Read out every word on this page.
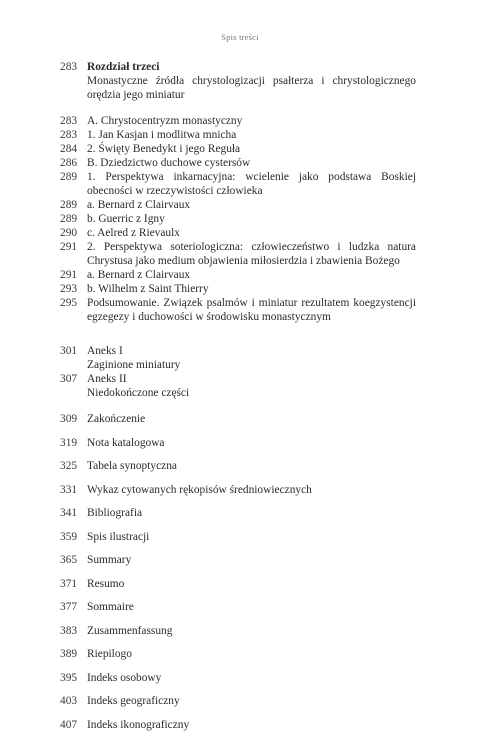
Spis treści
283 Rozdział trzeci
Monastyczne źródła chrystologizacji psałterza i chrystologicznego orędzia jego miniatur
283 A. Chrystocentryzm monastyczny
283 1. Jan Kasjan i modlitwa mnicha
284 2. Święty Benedykt i jego Reguła
286 B. Dziedzictwo duchowe cystersów
289 1. Perspektywa inkarnacyjna: wcielenie jako podstawa Boskiej obecności w rzeczywistości człowieka
289 a. Bernard z Clairvaux
289 b. Guerric z Igny
290 c. Aelred z Rievaulx
291 2. Perspektywa soteriologiczna: człowieczeństwo i ludzka natura Chrystusa jako medium objawienia miłosierdzia i zbawienia Bożego
291 a. Bernard z Clairvaux
293 b. Wilhelm z Saint Thierry
295 Podsumowanie. Związek psalmów i miniatur rezultatem koegzystencji egzegezy i duchowości w środowisku monastycznym
301 Aneks I
Zaginione miniatury
307 Aneks II
Niedokończone części
309 Zakończenie
319 Nota katalogowa
325 Tabela synoptyczna
331 Wykaz cytowanych rękopisów średniowiecznych
341 Bibliografia
359 Spis ilustracji
365 Summary
371 Resumo
377 Sommaire
383 Zusammenfassung
389 Riepilogo
395 Indeks osobowy
403 Indeks geograficzny
407 Indeks ikonograficzny
